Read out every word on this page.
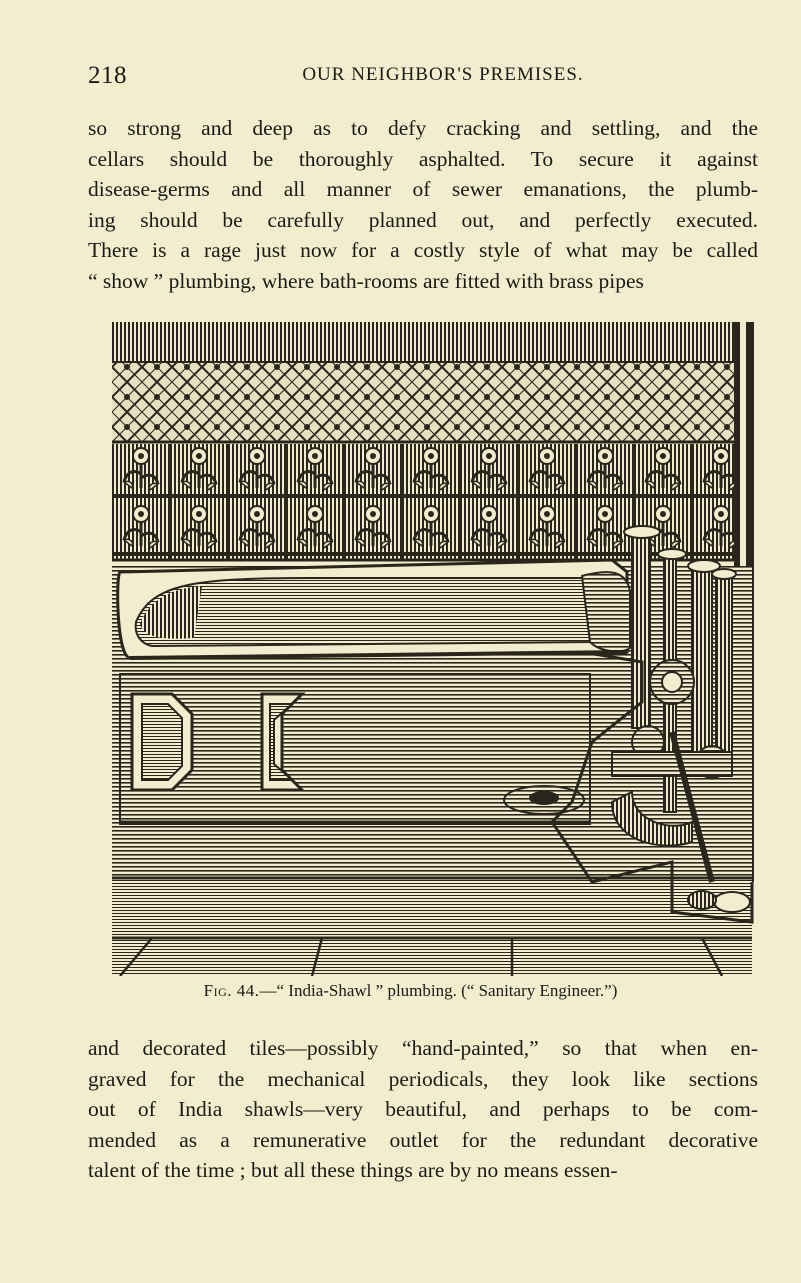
218	OUR NEIGHBOR'S PREMISES.
so strong and deep as to defy cracking and settling, and the
cellars should be thoroughly asphalted. To secure it against
disease-germs and all manner of sewer emanations, the plumb-
ing should be carefully planned out, and perfectly executed.
There is a rage just now for a costly style of what may be called
“ show ” plumbing, where bath-rooms are fitted with brass pipes
Fig. 44.—“ India-Shawl ” plumbing. (“ Sanitary Engineer.”)
and decorated tiles—possibly “hand-painted,” so that when en-
graved for the mechanical periodicals, they look like sections
out of India shawls—very beautiful, and perhaps to be com-
mended as a remunerative outlet for the redundant decorative
talent of the time ; but all these things are by no means essen-
